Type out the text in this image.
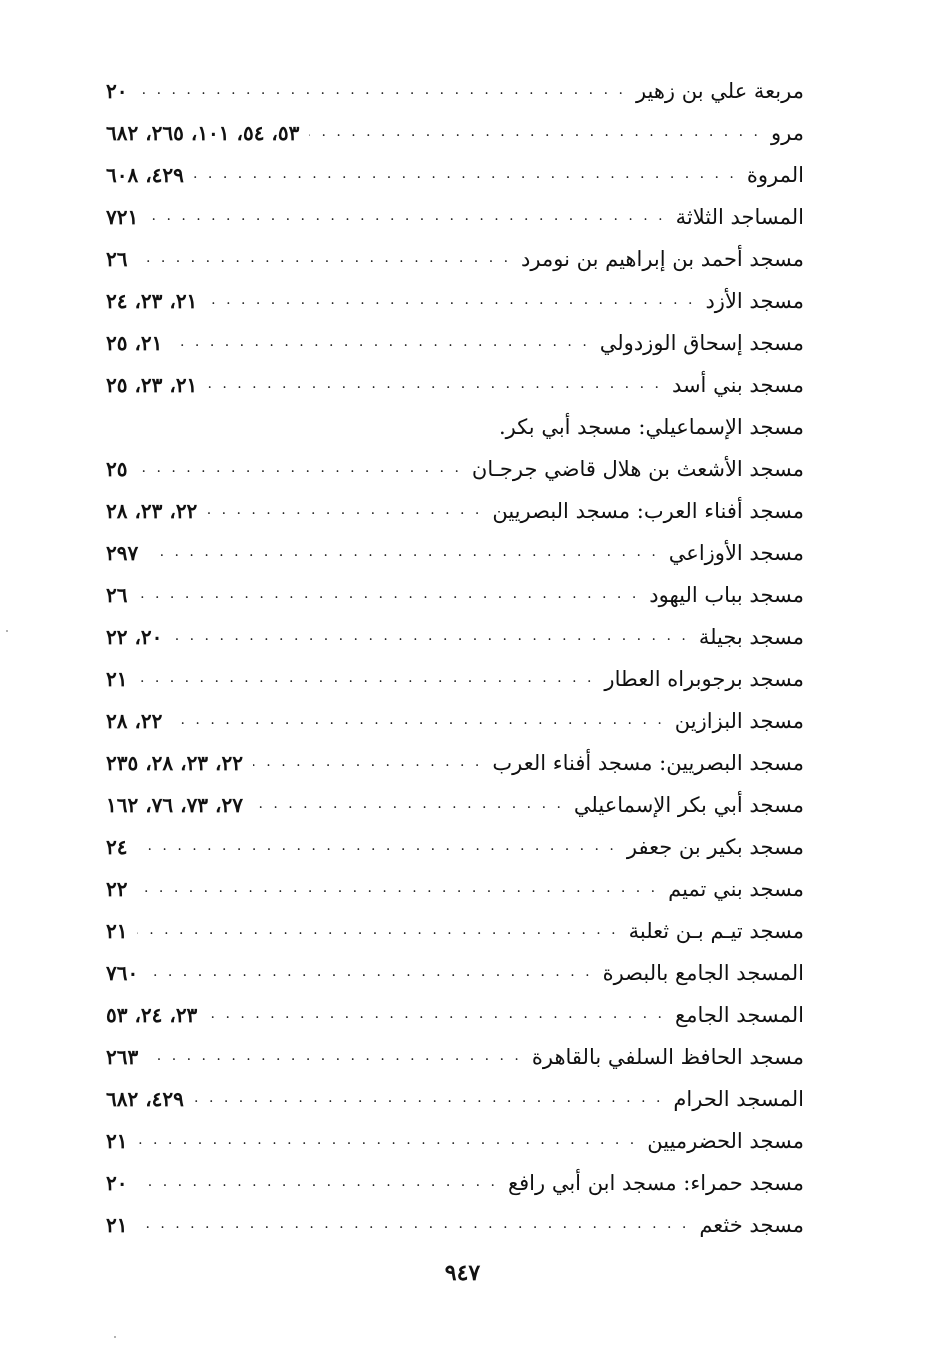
مربعة علي بن زهير
. . .
٢٠
مرو
. . .
٥٣، ٥٤، ١٠١، ٢٦٥، ٦٨٢
المروة
. . .
٤٢٩، ٦٠٨
المساجد الثلاثة
. . .
٧٢١
مسجد أحمد بن إبراهيم بن نومرد
. . .
٢٦
مسجد الأزد
. . .
٢١، ٢٣، ٢٤
مسجد إسحاق الوزدولي
. . .
٢١، ٢٥
مسجد بني أسد
. . .
٢١، ٢٣، ٢٥
مسجد الإسماعيلي: مسجد أبي بكر.
مسجد الأشعث بن هلال قاضي جرجـان
. . .
٢٥
مسجد أفناء العرب: مسجد البصريين
. . .
٢٢، ٢٣، ٢٨
مسجد الأوزاعي
. . .
٢٩٧
مسجد بباب اليهود
. . .
٢٦
مسجد بجيلة
. . .
٢٠، ٢٢
مسجد برجوبراه العطار
. . .
٢١
مسجد البزازين
. . .
٢٢، ٢٨
مسجد البصريين: مسجد أفناء العرب
. . .
٢٢، ٢٣، ٢٨، ٢٣٥
مسجد أبي بكر الإسماعيلي
. . .
٢٧، ٧٣، ٧٦، ١٦٢
مسجد بكير بن جعفر
. . .
٢٤
مسجد بني تميم
. . .
٢٢
مسجد تيـم بـن ثعلبة
. . .
٢١
المسجد الجامع بالبصرة
. . .
٧٦٠
المسجد الجامع
. . .
٢٣، ٢٤، ٥٣
مسجد الحافظ السلفي بالقاهرة
. . .
٢٦٣
المسجد الحرام
. . .
٤٢٩، ٦٨٢
مسجد الحضرميين
. . .
٢١
مسجد حمراء: مسجد ابن أبي رافع
. . .
٢٠
مسجد خثعم
. . .
٢١
٩٤٧
